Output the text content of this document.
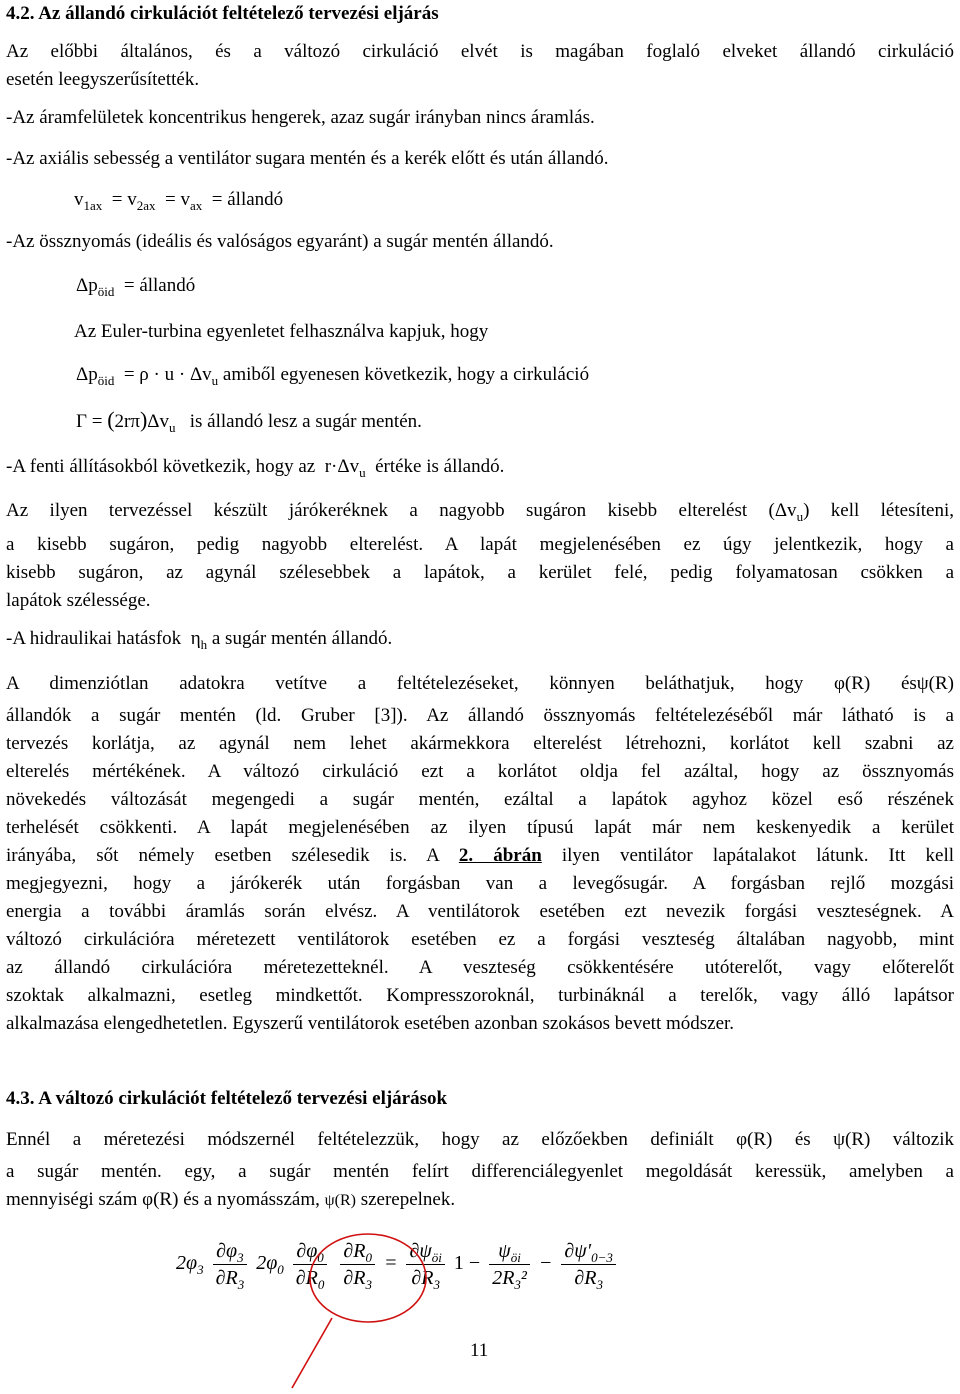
4.2. Az állandó cirkulációt feltételező tervezési eljárás
Az előbbi általános, és a változó cirkuláció elvét is magában foglaló elveket állandó cirkuláció
esetén leegyszerűsítették.
-Az áramfelületek koncentrikus hengerek, azaz sugár irányban nincs áramlás.
-Az axiális sebesség a ventilátor sugara mentén és a kerék előtt és után állandó.
$v_{1ax} = v_{2ax} = v_{ax}$  = állandó
-Az össznyomás (ideális és valóságos egyaránt) a sugár mentén állandó.
$\Delta p_{öid}$  = állandó
Az Euler-turbina egyenletet felhasználva kapjuk, hogy
$\Delta p_{öid} = \rho \cdot u \cdot \Delta v_u$ amiből egyenesen következik, hogy a cirkuláció
$\Gamma = (2r\pi)\Delta v_u$ is állandó lesz a sugár mentén.
-A fenti állításokból következik, hogy az  $r\cdot\Delta v_u$ értéke is állandó.
Az ilyen tervezéssel készült járókeréknek a nagyobb sugáron kisebb elterelést $(\Delta v_u)$ kell létesíteni,
a kisebb sugáron, pedig nagyobb elterelést. A lapát megjelenésében ez úgy jelentkezik, hogy a
kisebb sugáron, az agynál szélesebbek a lapátok, a kerület felé, pedig folyamatosan csökken a
lapátok szélessége.
-A hidraulikai hatásfok  $\eta_h$ a sugár mentén állandó.
A dimenziótlan adatokra vetítve a feltételezéseket, könnyen beláthatjuk, hogy φ(R) ésψ(R)
állandók a sugár mentén (ld. Gruber [3]). Az állandó össznyomás feltételezéséből már látható is a
tervezés korlátja, az agynál nem lehet akármekkora elterelést létrehozni, korlátot kell szabni az
elterelés mértékének. A változó cirkuláció ezt a korlátot oldja fel azáltal, hogy az össznyomás
növekedés változását megengedi a sugár mentén, ezáltal a lapátok agyhoz közel eső részének
terhelését csökkenti. A lapát megjelenésében az ilyen típusú lapát már nem keskenyedik a kerület
irányába, sőt némely esetben szélesedik is. A 2. ábrán ilyen ventilátor lapátalakot látunk. Itt kell
megjegyezni, hogy a járókerék után forgásban van a levegősugár. A forgásban rejlő mozgási
energia a további áramlás során elvész. A ventilátorok esetében ezt nevezik forgási veszteségnek. A
változó cirkulációra méretezett ventilátorok esetében ez a forgási veszteség általában nagyobb, mint
az állandó cirkulációra méretezetteknél. A veszteség csökkentésére utóterelőt, vagy előterelőt
szoktak alkalmazni, esetleg mindkettőt. Kompresszoroknál, turbináknál a terelők, vagy álló lapátsor
alkalmazása elengedhetetlen. Egyszerű ventilátorok esetében azonban szokásos bevett módszer.
4.3. A változó cirkulációt feltételező tervezési eljárások
Ennél a méretezési módszernél feltételezzük, hogy az előzőekben definiált φ(R) és ψ(R) változik
a sugár mentén. egy, a sugár mentén felírt differenciálegyenlet megoldását keressük, amelyben a
mennyiségi szám φ(R) és a nyomásszám, ψ(R) szerepelnek.
$2\varphi_3 \frac{\partial\varphi_3}{\partial R_3} 2\varphi_0 \frac{\partial\varphi_0}{\partial R_0}$
$\frac{\partial R_0}{\partial R_3} = \frac{\partial\psi_{öi}}{\partial R_3} 1 - \frac{\psi_{öi}}{2R_3^2} - \frac{\partial\psi'_{0-3}}{\partial R_3}$
11
